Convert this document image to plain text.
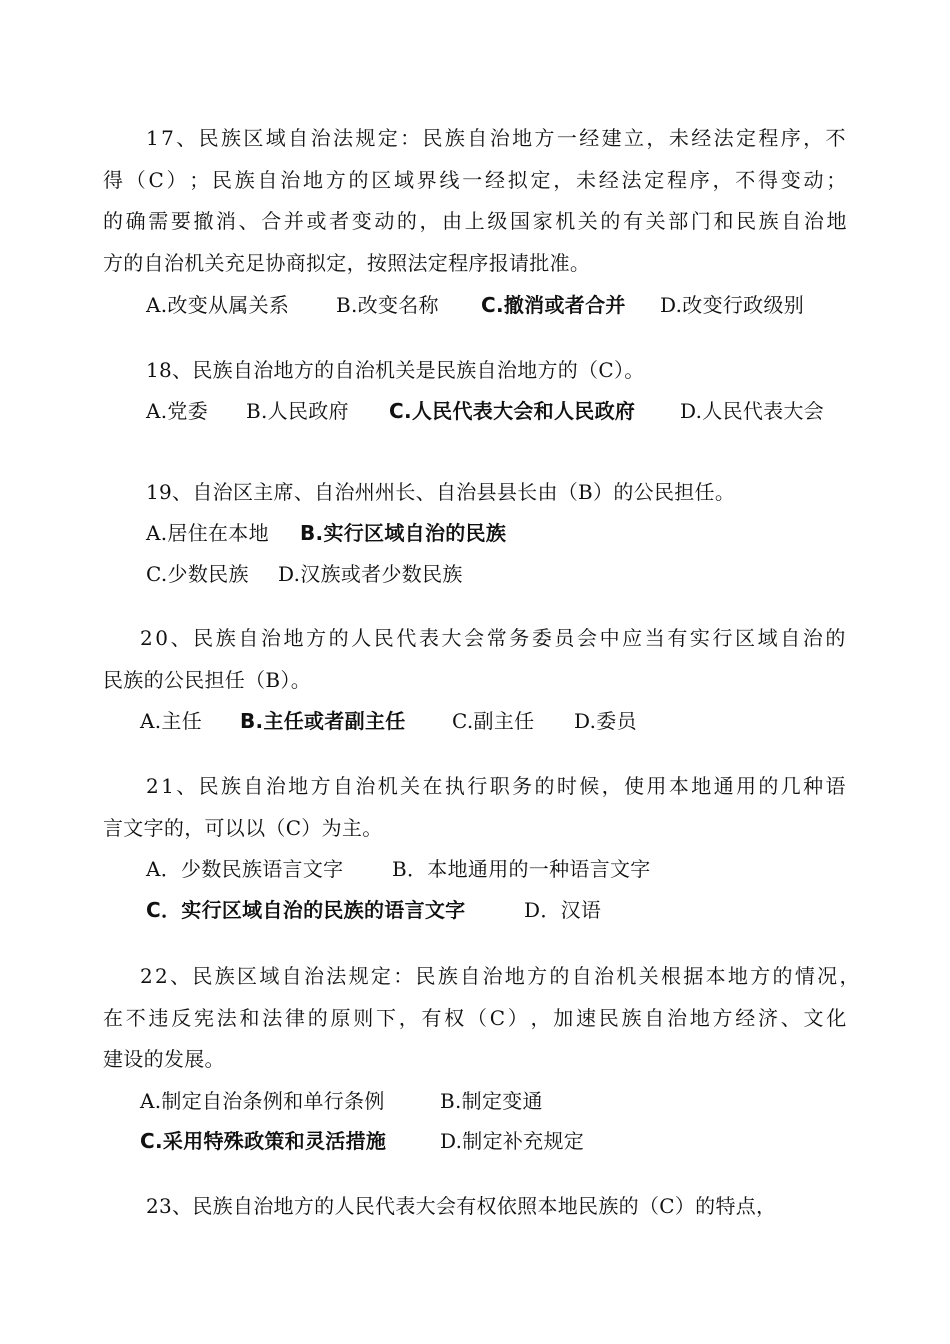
1 7 、 民 族 区 域 自 治 法 规 定 ： 民 族 自 治 地 方 一 经 建 立 ， 未 经 法 定 程 序 ， 不
得 （ C ） ； 民 族 自 治 地 方 的 区 域 界 线 一 经 拟 定 ， 未 经 法 定 程 序 ， 不 得 变 动 ；
的 确 需 要 撤 消 、 合 并 或 者 变 动 的 ， 由 上 级 国 家 机 关 的 有 关 部 门 和 民 族 自 治 地
方的自治机关充足协商拟定，按照法定程序报请批准。
A.改变从属关系 B.改变名称 C.撤消或者合并 D.改变行政级别
18、民族自治地方的自治机关是民族自治地方的（C）。
A.党委 B.人民政府 C.人民代表大会和人民政府 D.人民代表大会
19、自治区主席、自治州州长、自治县县长由（B）的公民担任。
A.居住在本地 B.实行区域自治的民族
C.少数民族 D.汉族或者少数民族
2 0 、 民 族 自 治 地 方 的 人 民 代 表 大 会 常 务 委 员 会 中 应 当 有 实 行 区 域 自 治 的
民族的公民担任（B）。
A.主任 B.主任或者副主任 C.副主任 D.委员
2 1 、 民 族 自 治 地 方 自 治 机 关 在 执 行 职 务 的 时 候 ， 使 用 本 地 通 用 的 几 种 语
言文字的，可以以（C）为主。
A．少数民族语言文字 B．本地通用的一种语言文字
C．实行区域自治的民族的语言文字	D．汉语
2 2 、 民 族 区 域 自 治 法 规 定 ： 民 族 自 治 地 方 的 自 治 机 关 根 据 本 地 方 的 情 况 ，
在 不 违 反 宪 法 和 法 律 的 原 则 下 ， 有 权 （ C ） ， 加 速 民 族 自 治 地 方 经 济 、 文 化
建设的发展。
A.制定自治条例和单行条例	B.制定变通
C.采用特殊政策和灵活措施	D.制定补充规定
23、民族自治地方的人民代表大会有权依照本地民族的（C）的特点，
